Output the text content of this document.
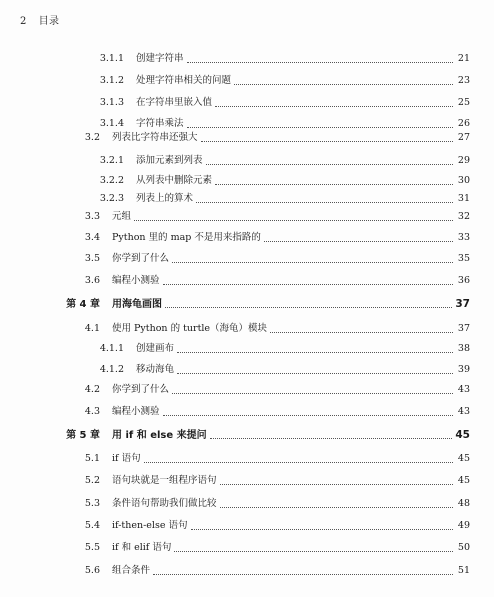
2 目录
3.1.1	创建字符串	21
3.1.2	处理字符串相关的问题	23
3.1.3	在字符串里嵌入值	25
3.1.4	字符串乘法	26
3.2	列表比字符串还强大	27
3.2.1	添加元素到列表	29
3.2.2	从列表中删除元素	30
3.2.3	列表上的算术	31
3.3	元组	32
3.4	Python 里的 map 不是用来指路的	33
3.5	你学到了什么	35
3.6	编程小测验	36
第 4 章	用海龟画图	37
4.1	使用 Python 的 turtle（海龟）模块	37
4.1.1	创建画布	38
4.1.2	移动海龟	39
4.2	你学到了什么	43
4.3	编程小测验	43
第 5 章	用 if 和 else 来提问	45
5.1	if 语句	45
5.2	语句块就是一组程序语句	45
5.3	条件语句帮助我们做比较	48
5.4	if-then-else 语句	49
5.5	if 和 elif 语句	50
5.6	组合条件	51
